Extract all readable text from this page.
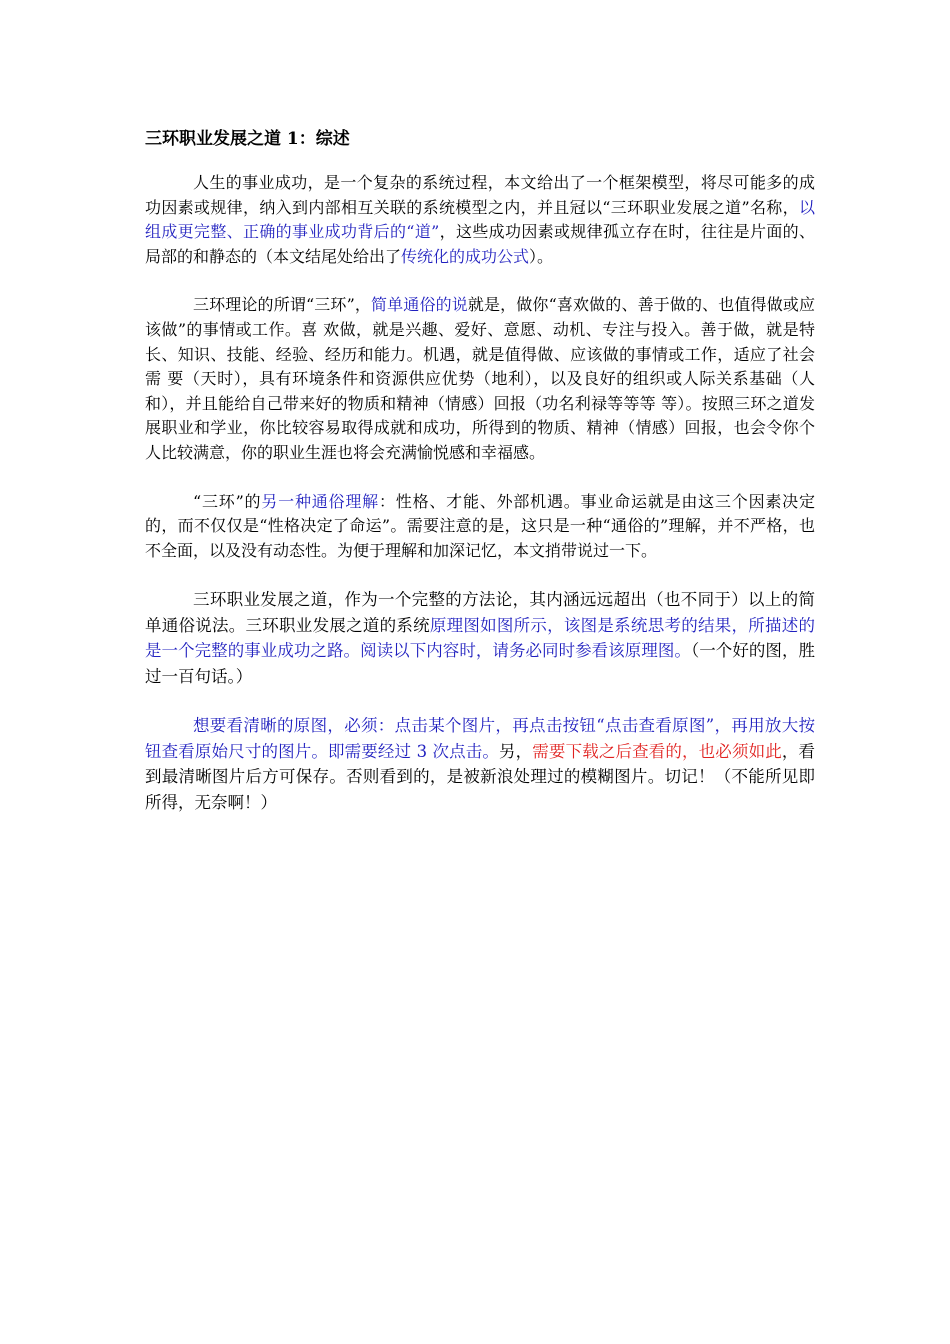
三环职业发展之道 1：综述

人生的事业成功，是一个复杂的系统过程，本文给出了一个框架模型，将尽可能多的成功因素或规律，纳入到内部相互关联的系统模型之内，并且冠以“三环职业发展之道”名称，以组成更完整、正确的事业成功背后的“道”，这些成功因素或规律孤立存在时，往往是片面的、局部的和静态的（本文结尾处给出了传统化的成功公式）。

三环理论的所谓“三环”，简单通俗的说就是，做你“喜欢做的、善于做的、也值得做或应该做”的事情或工作。喜 欢做，就是兴趣、爱好、意愿、动机、专注与投入。善于做，就是特长、知识、技能、经验、经历和能力。机遇，就是值得做、应该做的事情或工作，适应了社会需 要（天时），具有环境条件和资源供应优势（地利），以及良好的组织或人际关系基础（人和），并且能给自己带来好的物质和精神（情感）回报（功名利禄等等等 等）。按照三环之道发展职业和学业，你比较容易取得成就和成功，所得到的物质、精神（情感）回报，也会令你个人比较满意，你的职业生涯也将会充满愉悦感和幸福感。

“三环”的另一种通俗理解：性格、才能、外部机遇。事业命运就是由这三个因素决定的，而不仅仅是“性格决定了命运”。需要注意的是，这只是一种“通俗的”理解，并不严格，也不全面，以及没有动态性。为便于理解和加深记忆，本文捎带说过一下。

三环职业发展之道，作为一个完整的方法论，其内涵远远超出（也不同于）以上的简单通俗说法。三环职业发展之道的系统原理图如图所示，该图是系统思考的结果，所描述的是一个完整的事业成功之路。阅读以下内容时，请务必同时参看该原理图。（一个好的图，胜过一百句话。）

想要看清晰的原图，必须：点击某个图片，再点击按钮“点击查看原图”，再用放大按钮查看原始尺寸的图片。即需要经过 3 次点击。另，需要下载之后查看的，也必须如此，看到最清晰图片后方可保存。否则看到的，是被新浪处理过的模糊图片。切记！（不能所见即所得，无奈啊！）
